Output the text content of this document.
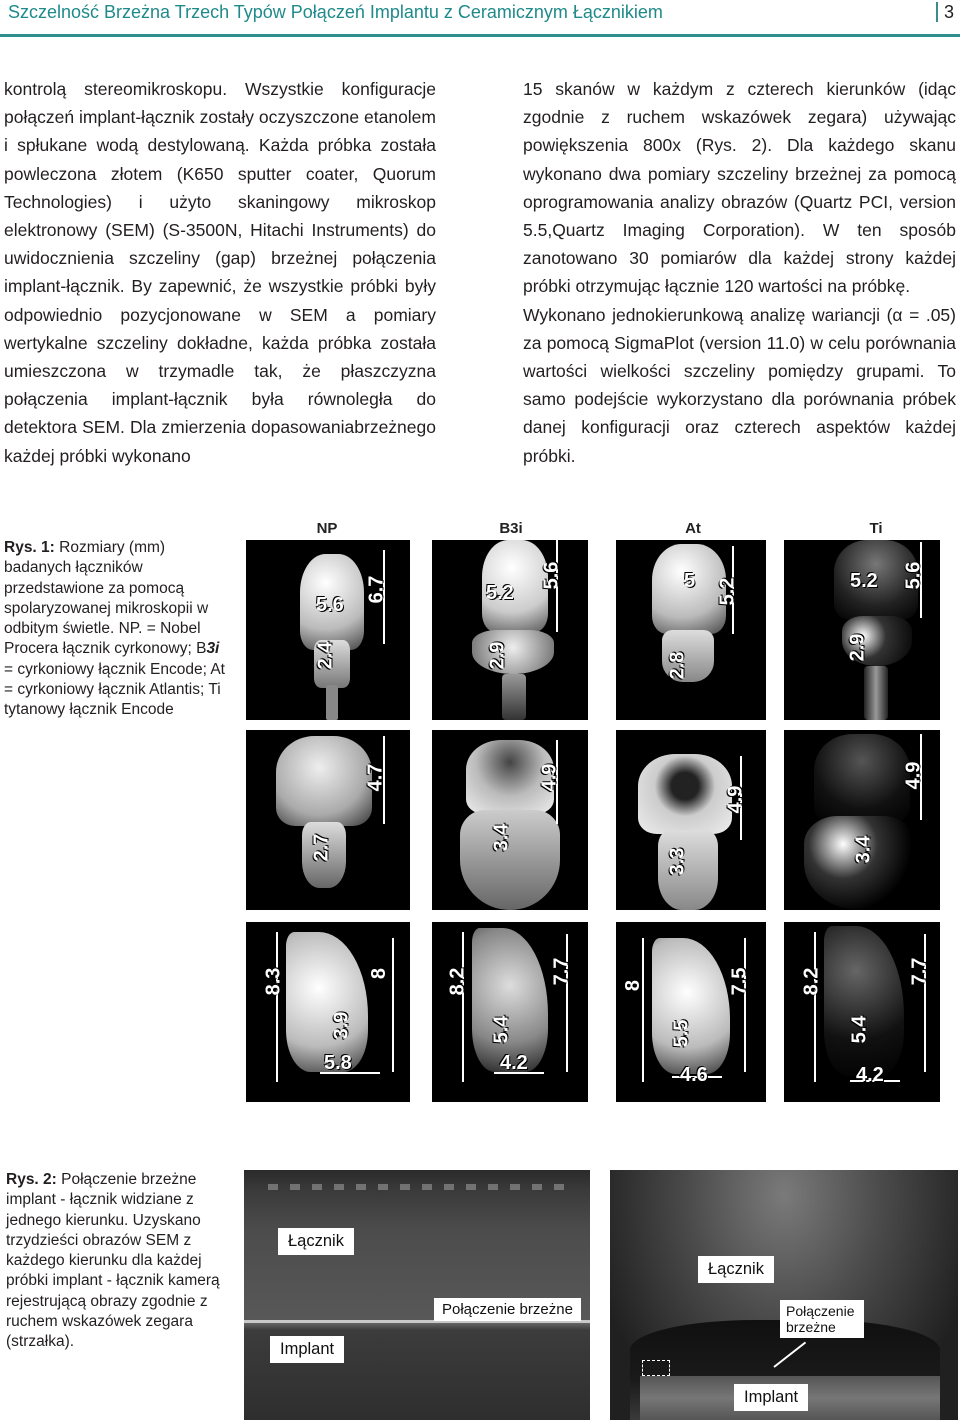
Szczelność Brzeżna Trzech Typów Połączeń Implantu z Ceramicznym Łącznikiem	3

kontrolą stereomikroskopu. Wszystkie konfiguracje połączeń implant-łącznik zostały oczyszczone etanolem i spłukane wodą destylowaną. Każda próbka została powleczona złotem (K650 sputter coater, Quorum Technologies) i użyto skaningowy mikroskop elektronowy (SEM) (S-3500N, Hitachi Instruments) do uwidocznienia szczeliny (gap) brzeżnej połączenia implant-łącznik. By zapewnić, że wszystkie próbki były odpowiednio pozycjonowane w SEM a pomiary wertykalne szczeliny dokładne, każda próbka została umieszczona w trzymadle tak, że płaszczyzna połączenia implant-łącznik była równoległa do detektora SEM. Dla zmierzenia dopasowaniabrzeżnego każdej próbki wykonano

15 skanów w każdym z czterech kierunków (idąc zgodnie z ruchem wskazówek zegara) używając powiększenia 800x (Rys. 2). Dla każdego skanu wykonano dwa pomiary szczeliny brzeżnej za pomocą oprogramowania analizy obrazów (Quartz PCI, version 5.5,Quartz Imaging Corporation). W ten sposób zanotowano 30 pomiarów dla każdej strony każdej próbki otrzymując łącznie 120 wartości na próbkę.

Wykonano jednokierunkową analizę wariancji (α = .05) za pomocą SigmaPlot (version 11.0) w celu porównania wartości wielkości szczeliny pomiędzy grupami. To samo podejście wykorzystano dla porównania próbek danej konfiguracji oraz czterech aspektów każdej próbki.

Rys. 1: Rozmiary (mm) badanych łączników przedstawione za pomocą spolaryzowanej mikroskopii w odbitym świetle. NP. = Nobel Procera łącznik cyrkonowy; B3i = cyrkoniowy łącznik Encode; At = cyrkoniowy łącznik Atlantis; Ti tytanowy łącznik Encode
NP	B3i	At	Ti
6.7
5.6
2.4
5.6
5.2
2.9
5.2
5
2.8
5.6
5.2
2.9
4.7
2.7
4.9
3.4
4.9
3.3
4.9
3.4
8.3	8
3.9
5.8
8.2	7.7
5.4
4.2
8	7.5
5.5
4.6
8.2	7.7
5.4
4.2
Rys. 2: Połączenie brzeżne implant - łącznik widziane z jednego kierunku. Uzyskano trzydzieści obrazów SEM z każdego kierunku dla każdej próbki implant - łącznik kamerą rejestrującą obrazy zgodnie z ruchem wskazówek zegara (strzałka).
Łącznik
Połączenie brzeżne
Implant
Łącznik
Połączenie brzeżne
Implant
